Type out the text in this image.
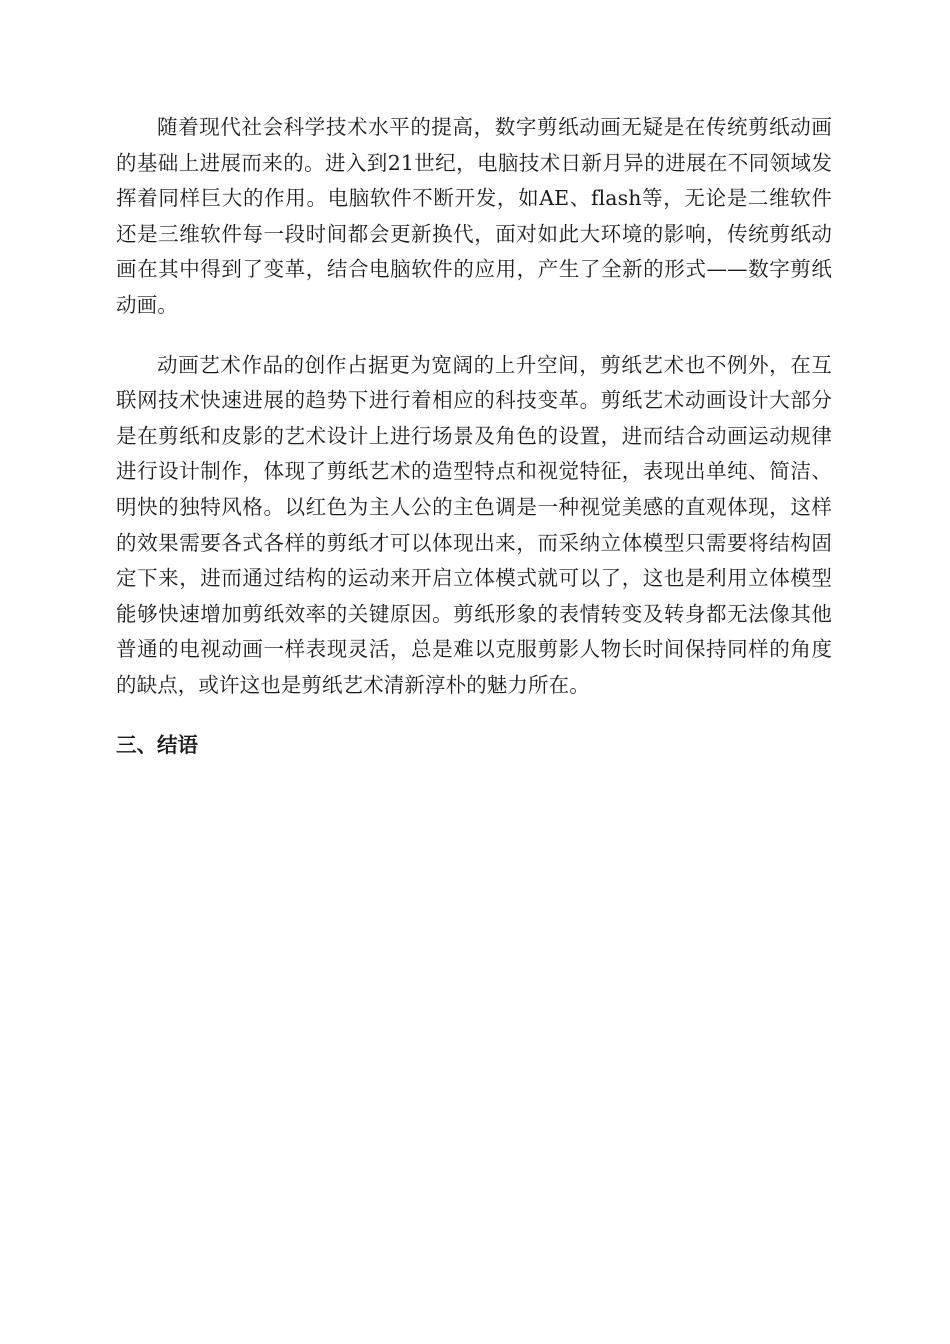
随着现代社会科学技术水平的提高，数字剪纸动画无疑是在传统剪纸动画的基础上进展而来的。进入到21世纪，电脑技术日新月异的进展在不同领域发挥着同样巨大的作用。电脑软件不断开发，如AE、flash等，无论是二维软件还是三维软件每一段时间都会更新换代，面对如此大环境的影响，传统剪纸动画在其中得到了变革，结合电脑软件的应用，产生了全新的形式——数字剪纸动画。

动画艺术作品的创作占据更为宽阔的上升空间，剪纸艺术也不例外，在互联网技术快速进展的趋势下进行着相应的科技变革。剪纸艺术动画设计大部分是在剪纸和皮影的艺术设计上进行场景及角色的设置，进而结合动画运动规律进行设计制作，体现了剪纸艺术的造型特点和视觉特征，表现出单纯、简洁、明快的独特风格。以红色为主人公的主色调是一种视觉美感的直观体现，这样的效果需要各式各样的剪纸才可以体现出来，而采纳立体模型只需要将结构固定下来，进而通过结构的运动来开启立体模式就可以了，这也是利用立体模型能够快速增加剪纸效率的关键原因。剪纸形象的表情转变及转身都无法像其他普通的电视动画一样表现灵活，总是难以克服剪影人物长时间保持同样的角度的缺点，或许这也是剪纸艺术清新淳朴的魅力所在。

三、结语
